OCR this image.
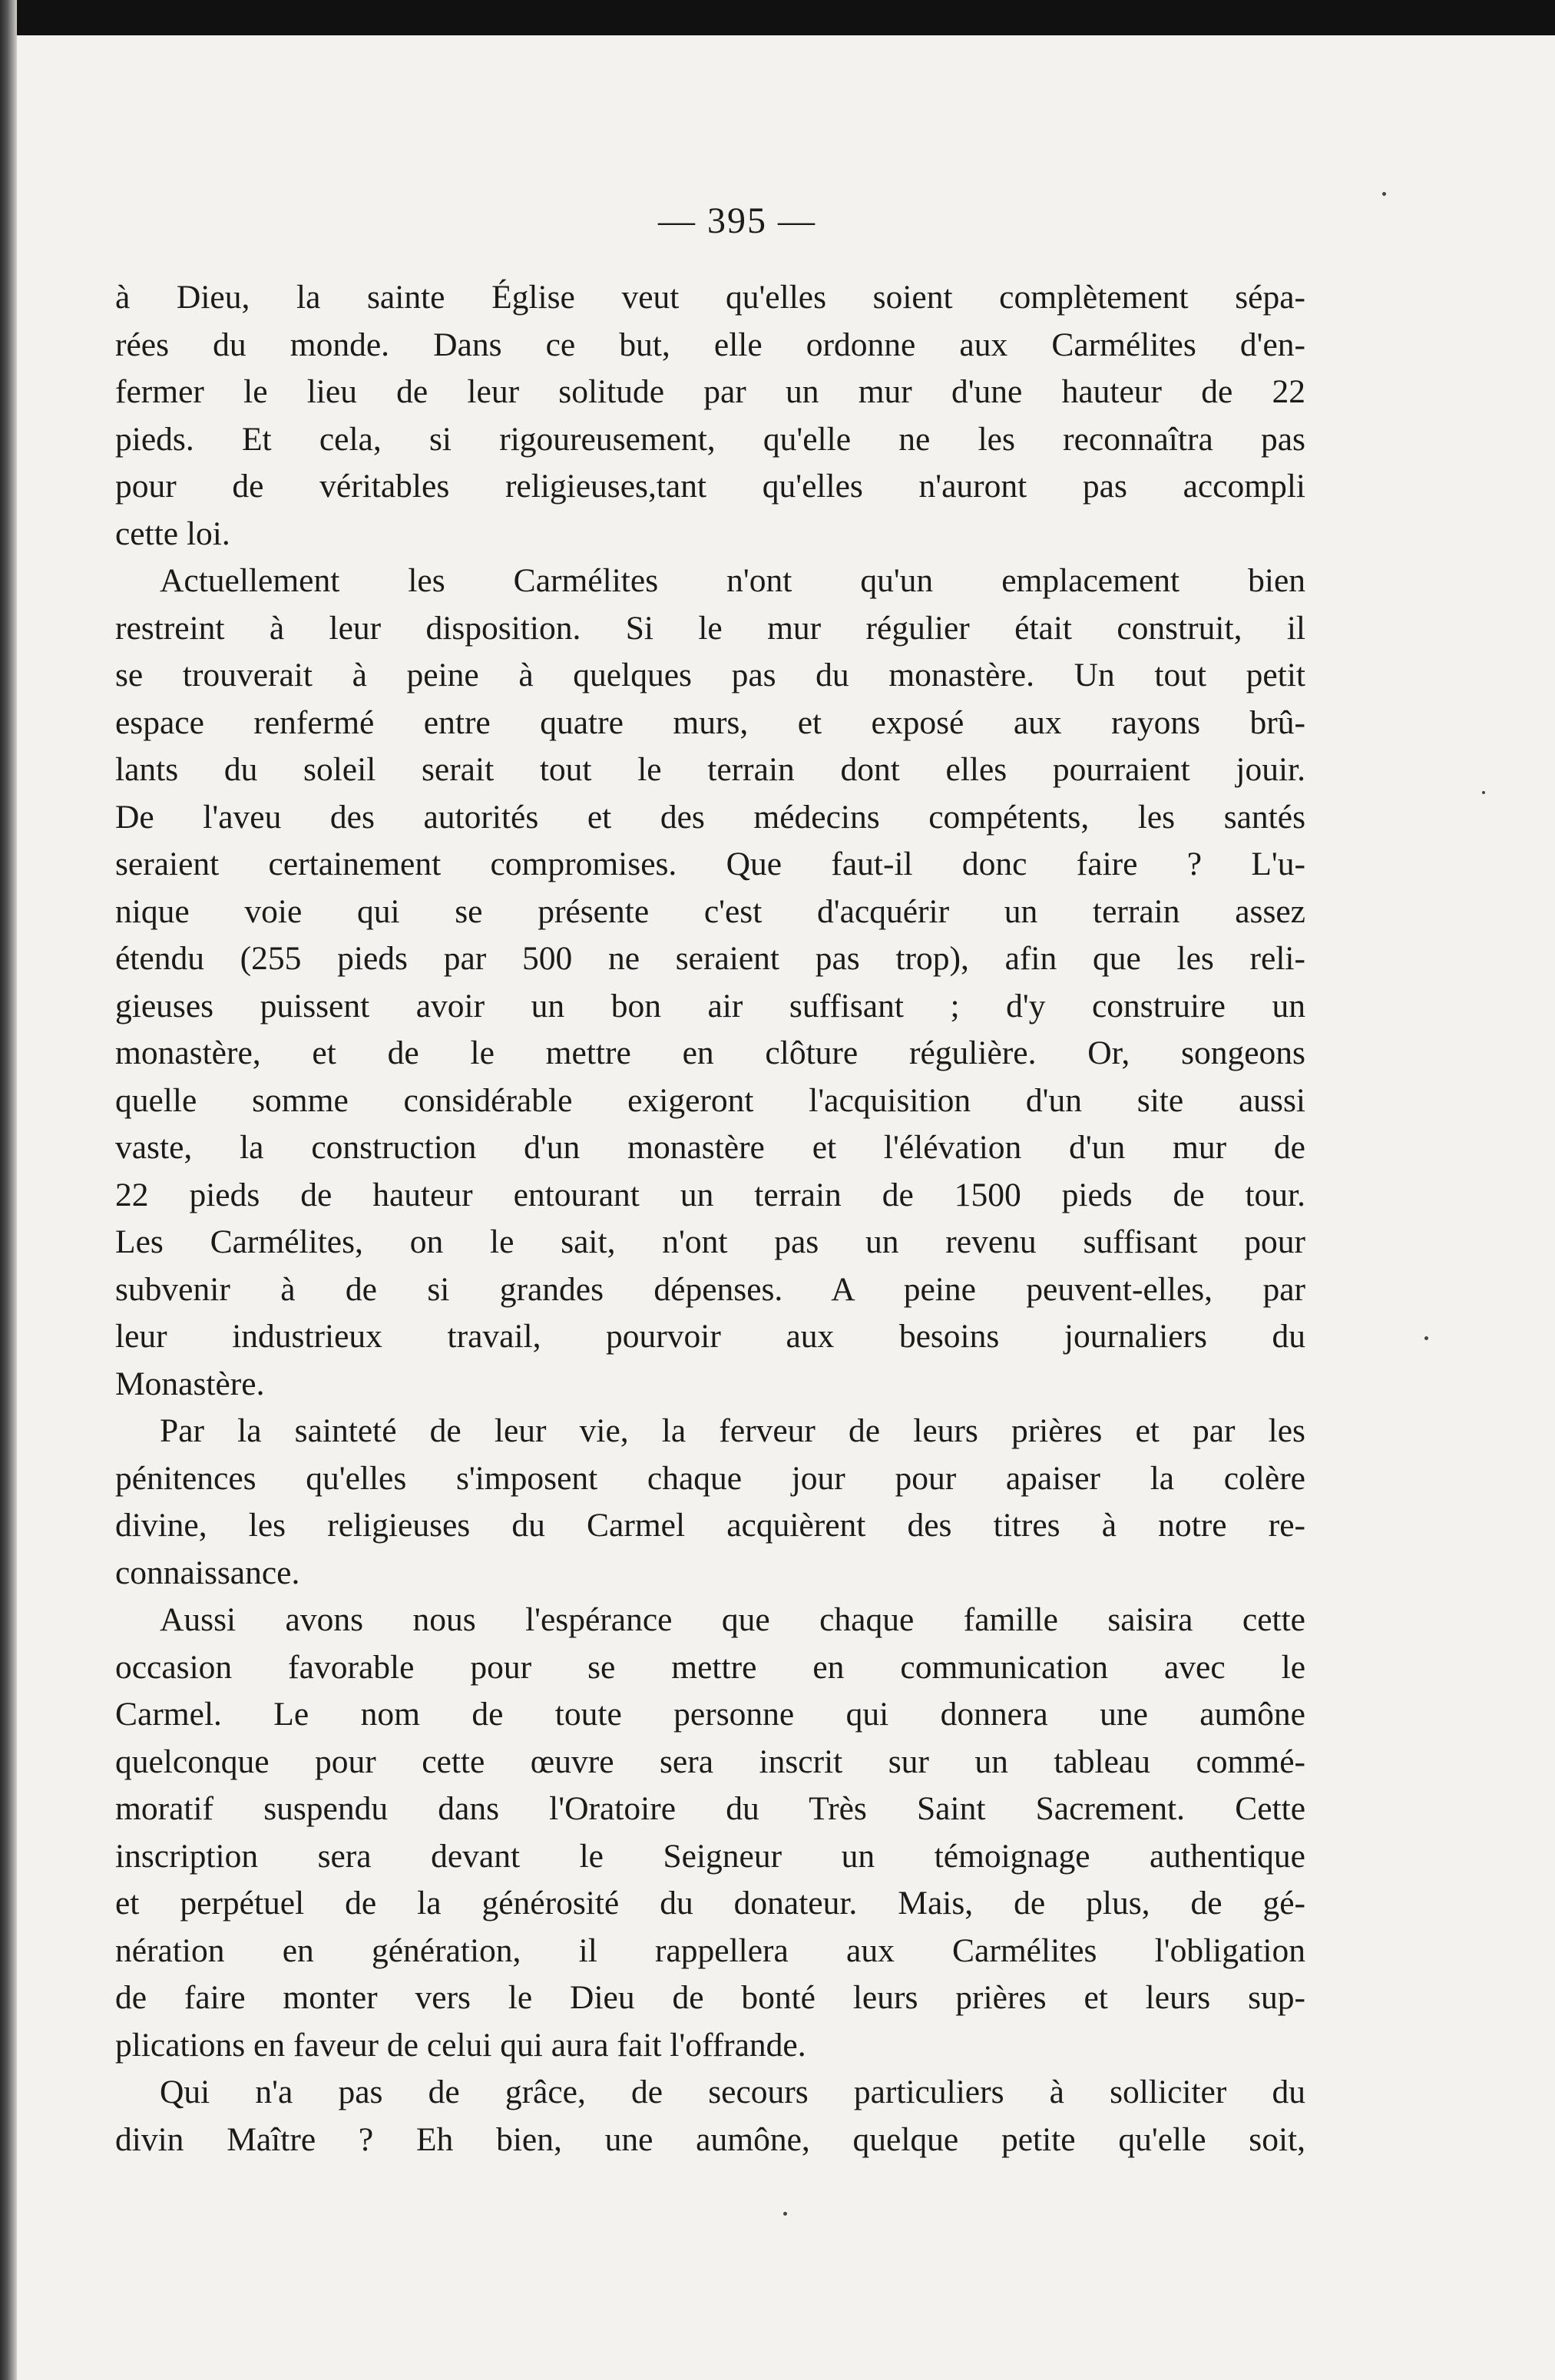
— 395 —

à Dieu, la sainte Église veut qu'elles soient complètement sépa-
rées du monde. Dans ce but, elle ordonne aux Carmélites d'en-
fermer le lieu de leur solitude par un mur d'une hauteur de 22
pieds. Et cela, si rigoureusement, qu'elle ne les reconnaîtra pas
pour de véritables religieuses,tant qu'elles n'auront pas accompli
cette loi.

Actuellement les Carmélites n'ont qu'un emplacement bien
restreint à leur disposition. Si le mur régulier était construit, il
se trouverait à peine à quelques pas du monastère. Un tout petit
espace renfermé entre quatre murs, et exposé aux rayons brû-
lants du soleil serait tout le terrain dont elles pourraient jouir.
De l'aveu des autorités et des médecins compétents, les santés
seraient certainement compromises. Que faut-il donc faire ? L'u-
nique voie qui se présente c'est d'acquérir un terrain assez
étendu (255 pieds par 500 ne seraient pas trop), afin que les reli-
gieuses puissent avoir un bon air suffisant ; d'y construire un
monastère, et de le mettre en clôture régulière. Or, songeons
quelle somme considérable exigeront l'acquisition d'un site aussi
vaste, la construction d'un monastère et l'élévation d'un mur de
22 pieds de hauteur entourant un terrain de 1500 pieds de tour.
Les Carmélites, on le sait, n'ont pas un revenu suffisant pour
subvenir à de si grandes dépenses. A peine peuvent-elles, par
leur industrieux travail, pourvoir aux besoins journaliers du
Monastère.

Par la sainteté de leur vie, la ferveur de leurs prières et par les
pénitences qu'elles s'imposent chaque jour pour apaiser la colère
divine, les religieuses du Carmel acquièrent des titres à notre re-
connaissance.

Aussi avons nous l'espérance que chaque famille saisira cette
occasion favorable pour se mettre en communication avec le
Carmel. Le nom de toute personne qui donnera une aumône
quelconque pour cette œuvre sera inscrit sur un tableau commé-
moratif suspendu dans l'Oratoire du Très Saint Sacrement. Cette
inscription sera devant le Seigneur un témoignage authentique
et perpétuel de la générosité du donateur. Mais, de plus, de gé-
nération en génération, il rappellera aux Carmélites l'obligation
de faire monter vers le Dieu de bonté leurs prières et leurs sup-
plications en faveur de celui qui aura fait l'offrande.

Qui n'a pas de grâce, de secours particuliers à solliciter du
divin Maître ? Eh bien, une aumône, quelque petite qu'elle soit,
